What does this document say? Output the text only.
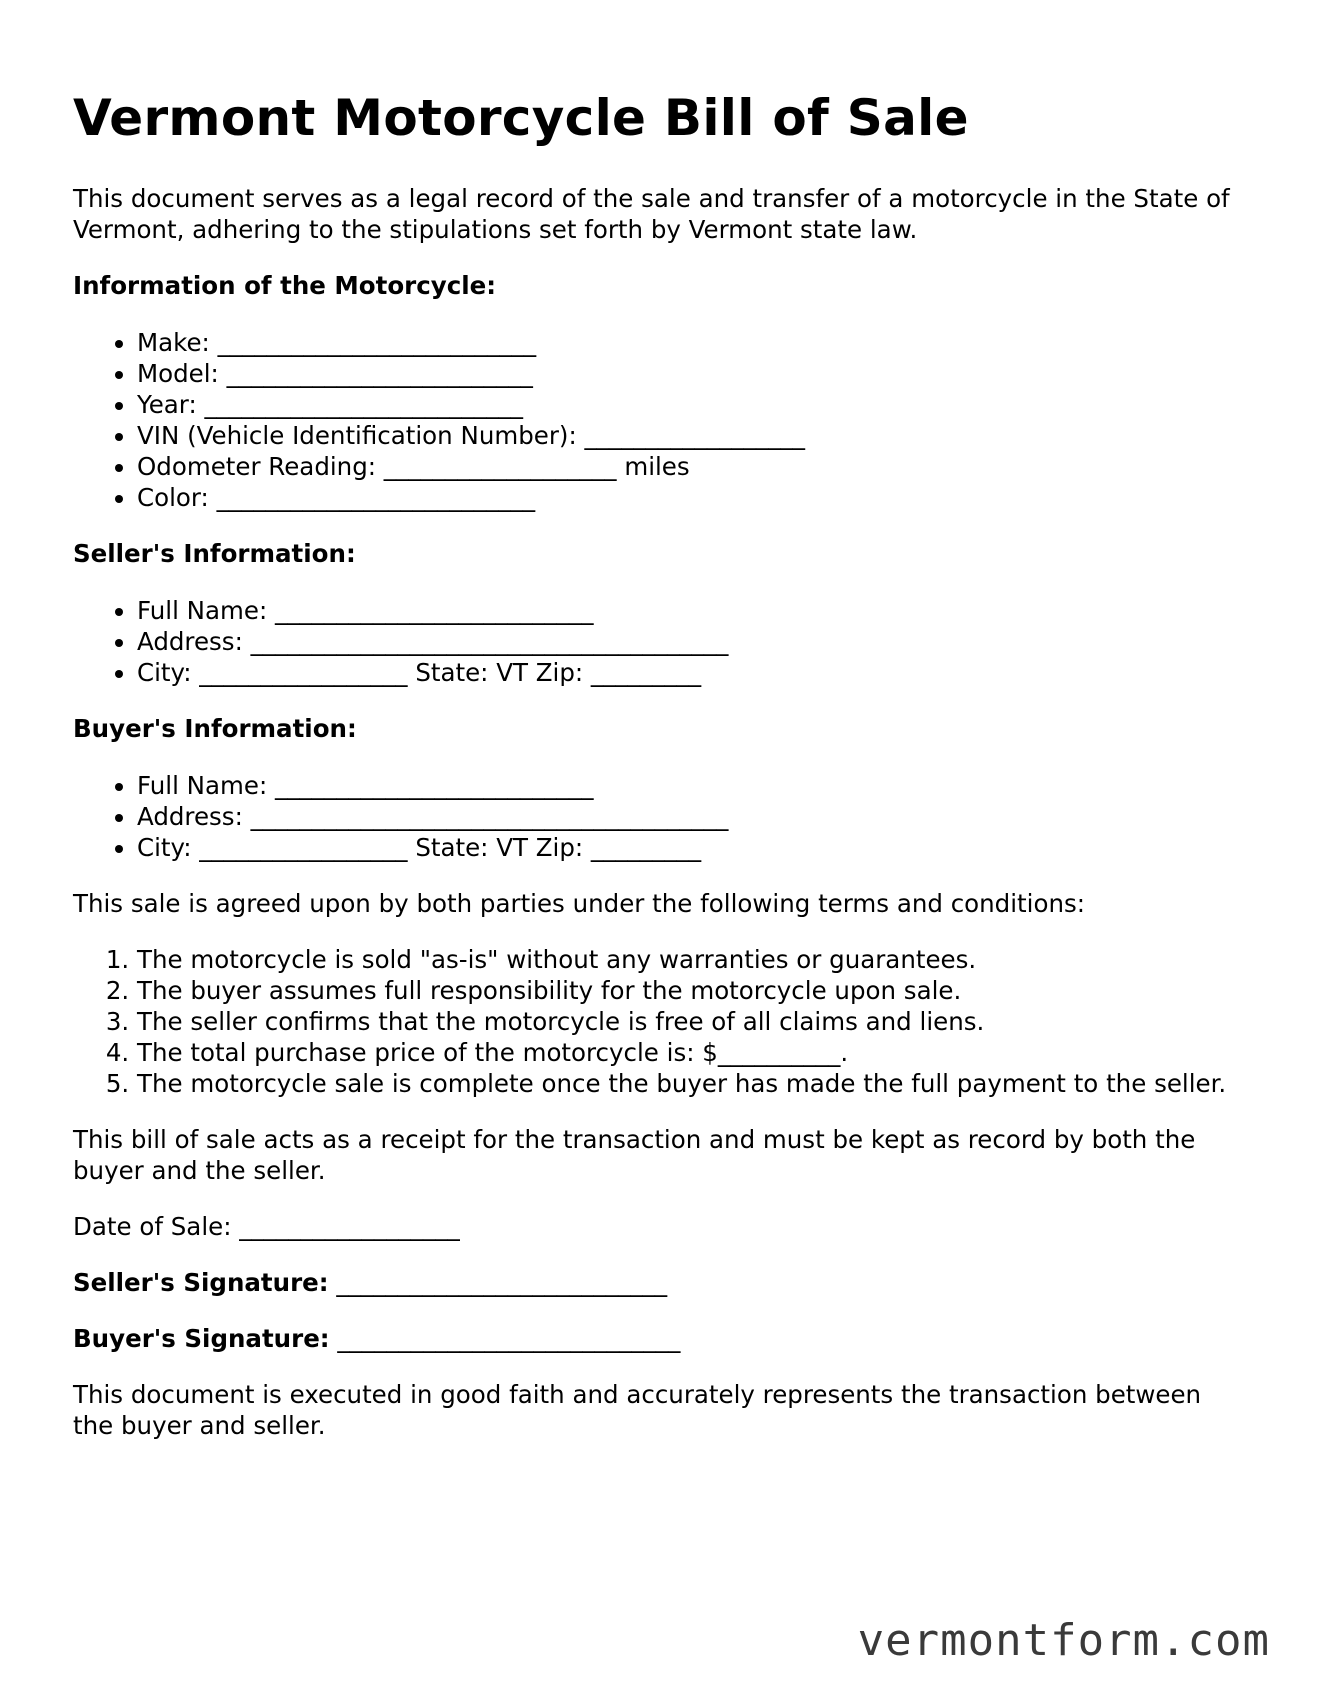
Vermont Motorcycle Bill of Sale

This document serves as a legal record of the sale and transfer of a motorcycle in the State of Vermont, adhering to the stipulations set forth by Vermont state law.

Information of the Motorcycle:

• Make: __________________________
• Model: _________________________
• Year: __________________________
• VIN (Vehicle Identification Number): __________________
• Odometer Reading: ___________________ miles
• Color: __________________________

Seller's Information:

• Full Name: __________________________
• Address: _______________________________________
• City: _________________ State: VT Zip: _________

Buyer's Information:

• Full Name: __________________________
• Address: _______________________________________
• City: _________________ State: VT Zip: _________

This sale is agreed upon by both parties under the following terms and conditions:

1. The motorcycle is sold "as-is" without any warranties or guarantees.
2. The buyer assumes full responsibility for the motorcycle upon sale.
3. The seller confirms that the motorcycle is free of all claims and liens.
4. The total purchase price of the motorcycle is: $__________.
5. The motorcycle sale is complete once the buyer has made the full payment to the seller.

This bill of sale acts as a receipt for the transaction and must be kept as record by both the buyer and the seller.

Date of Sale: __________________

Seller's Signature: ___________________________

Buyer's Signature: ____________________________

This document is executed in good faith and accurately represents the transaction between the buyer and seller.

vermontform.com
